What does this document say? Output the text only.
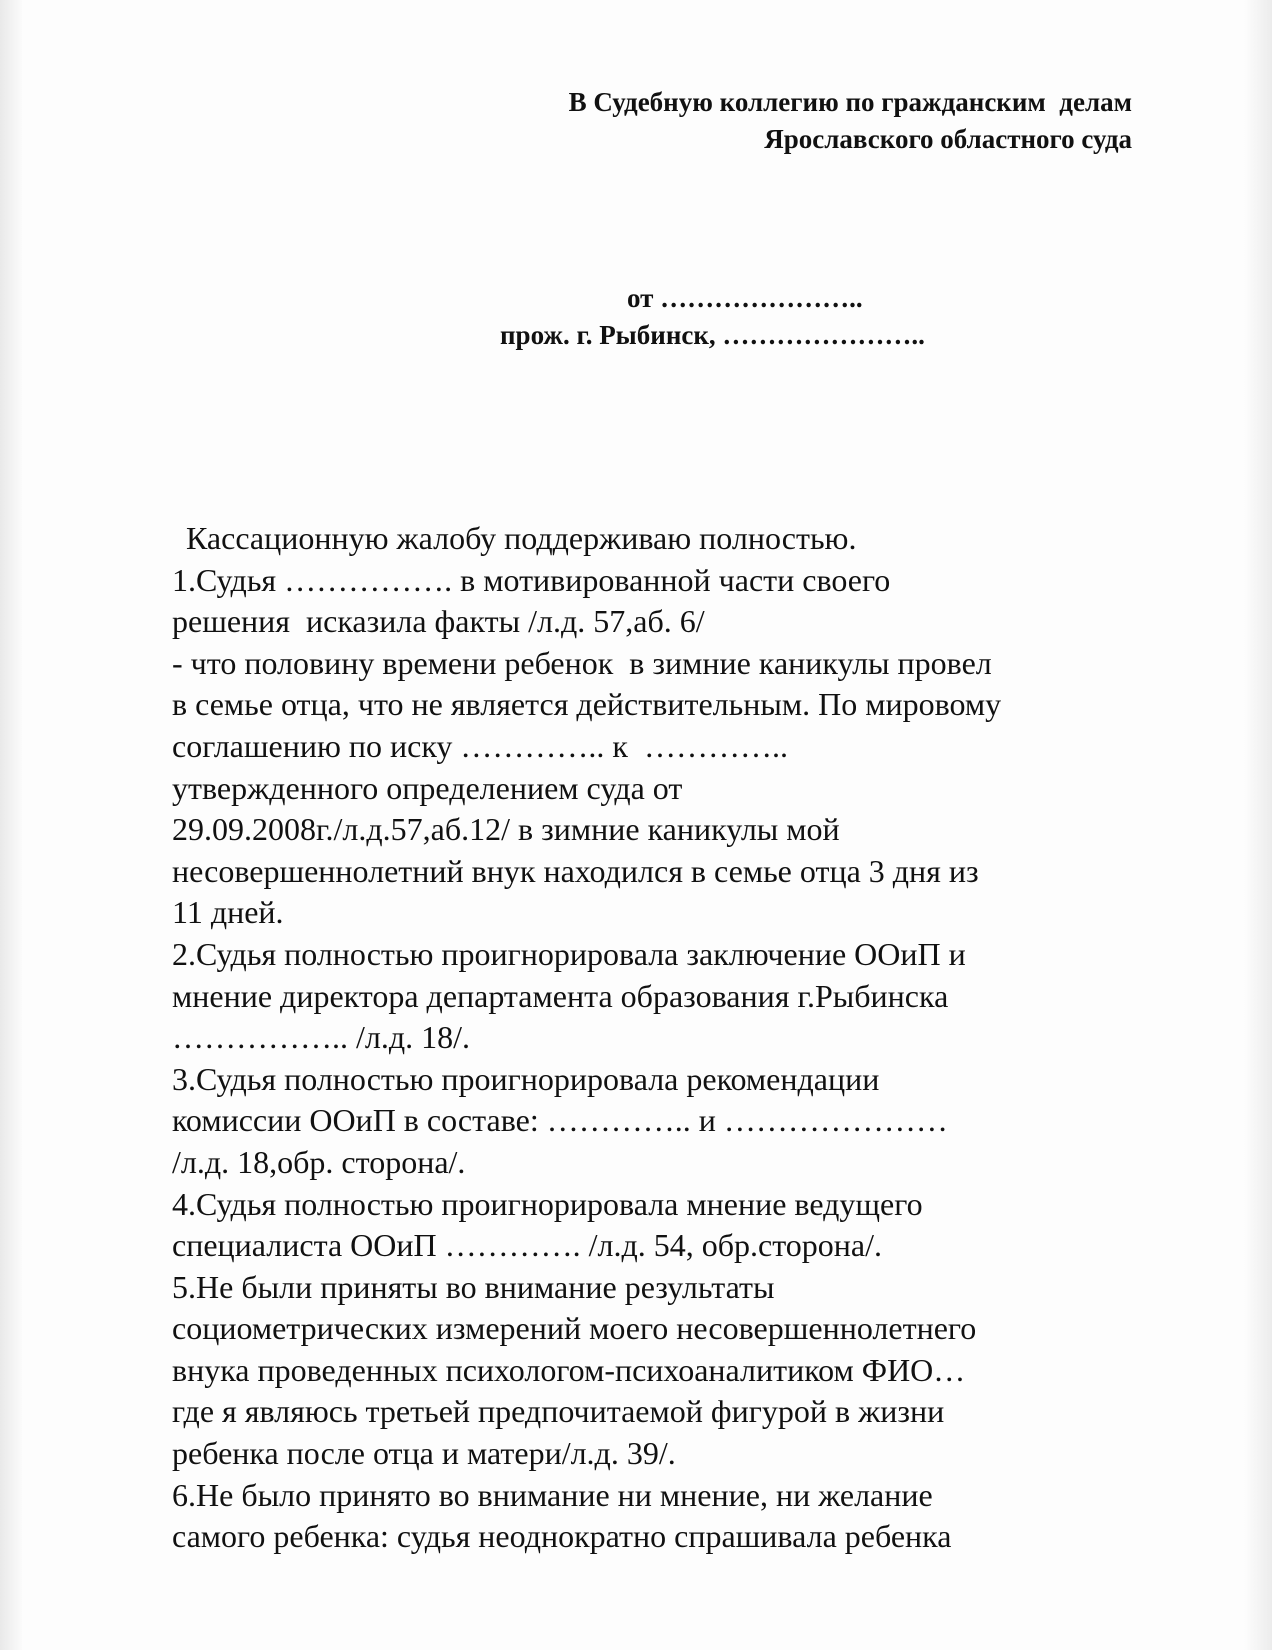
В Судебную коллегию по гражданским  делам
Ярославского областного суда
от …………………..
прож. г. Рыбинск, …………………..
Кассационную жалобу поддерживаю полностью.
1.Судья ……………. в мотивированной части своего
решения  исказила факты /л.д. 57,аб. 6/
- что половину времени ребенок  в зимние каникулы провел
в семье отца, что не является действительным. По мировому
соглашению по иску ………….. к  …………..
утвержденного определением суда от
29.09.2008г./л.д.57,аб.12/ в зимние каникулы мой
несовершеннолетний внук находился в семье отца 3 дня из
11 дней.
2.Судья полностью проигнорировала заключение ООиП и
мнение директора департамента образования г.Рыбинска
…………….. /л.д. 18/.
3.Судья полностью проигнорировала рекомендации
комиссии ООиП в составе: ………….. и …………………
/л.д. 18,обр. сторона/.
4.Судья полностью проигнорировала мнение ведущего
специалиста ООиП …………. /л.д. 54, обр.сторона/.
5.Не были приняты во внимание результаты
социометрических измерений моего несовершеннолетнего
внука проведенных психологом-психоаналитиком ФИО…
где я являюсь третьей предпочитаемой фигурой в жизни
ребенка после отца и матери/л.д. 39/.
6.Не было принято во внимание ни мнение, ни желание
самого ребенка: судья неоднократно спрашивала ребенка
